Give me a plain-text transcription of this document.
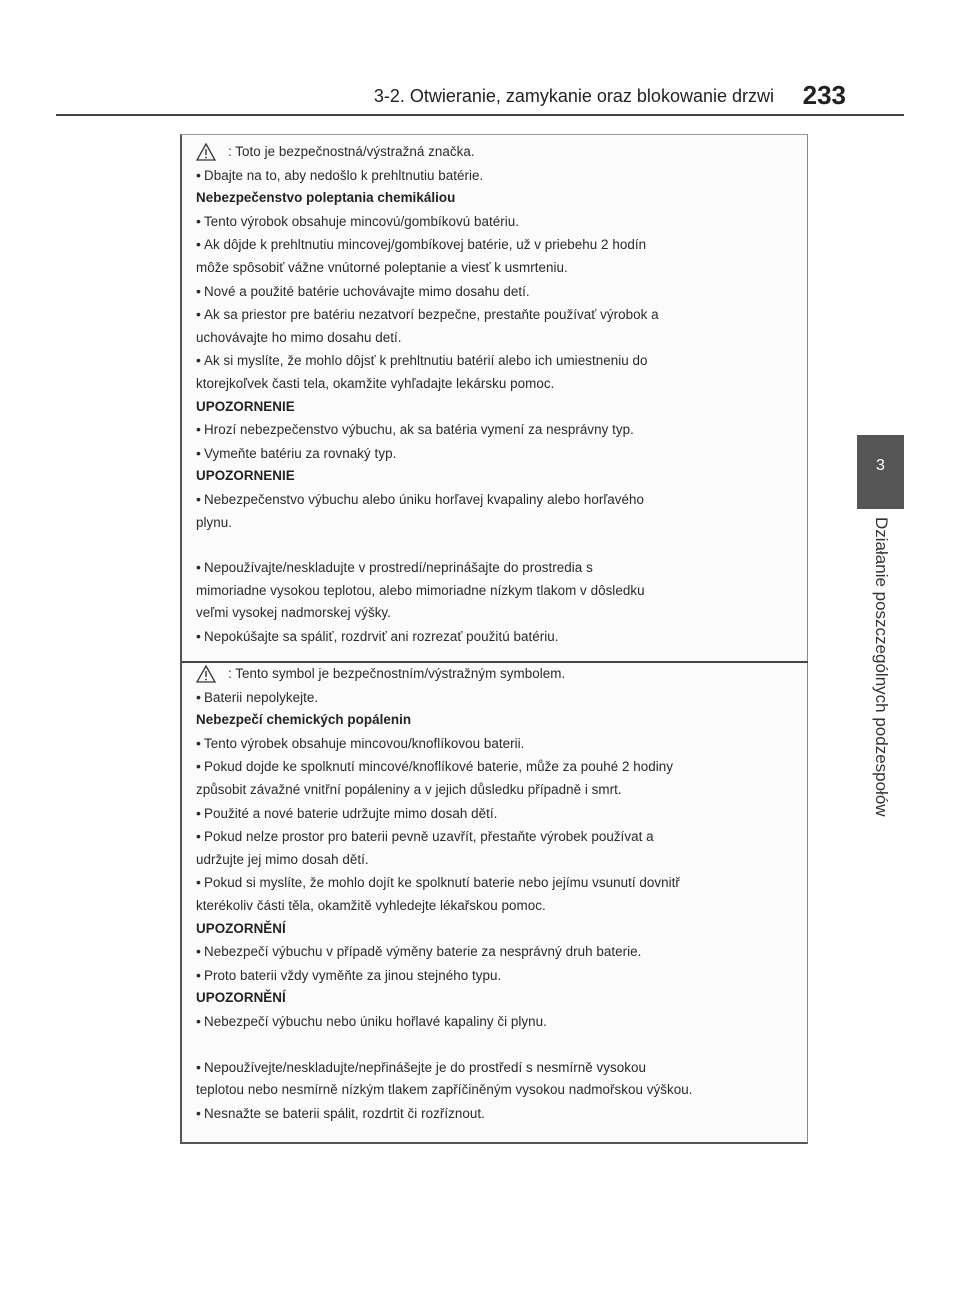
3-2. Otwieranie, zamykanie oraz blokowanie drzwi 233
3
Działanie poszczególnych podzespołów
: Toto je bezpečnostná/výstražná značka.
• Dbajte na to, aby nedošlo k prehltnutiu batérie.
Nebezpečenstvo poleptania chemikáliou
• Tento výrobok obsahuje mincovú/gombíkovú batériu.
• Ak dôjde k prehltnutiu mincovej/gombíkovej batérie, už v priebehu 2 hodín
môže spôsobiť vážne vnútorné poleptanie a viesť k usmrteniu.
• Nové a použité batérie uchovávajte mimo dosahu detí.
• Ak sa priestor pre batériu nezatvorí bezpečne, prestaňte používať výrobok a
uchovávajte ho mimo dosahu detí.
• Ak si myslíte, že mohlo dôjsť k prehltnutiu batérií alebo ich umiestneniu do
ktorejkoľvek časti tela, okamžite vyhľadajte lekársku pomoc.
UPOZORNENIE
• Hrozí nebezpečenstvo výbuchu, ak sa batéria vymení za nesprávny typ.
• Vymeňte batériu za rovnaký typ.
UPOZORNENIE
• Nebezpečenstvo výbuchu alebo úniku horľavej kvapaliny alebo horľavého
plynu.
• Nepoužívajte/neskladujte v prostredí/neprinášajte do prostredia s
mimoriadne vysokou teplotou, alebo mimoriadne nízkym tlakom v dôsledku
veľmi vysokej nadmorskej výšky.
• Nepokúšajte sa spáliť, rozdrviť ani rozrezať použitú batériu.
: Tento symbol je bezpečnostním/výstražným symbolem.
• Baterii nepolykejte.
Nebezpečí chemických popálenin
• Tento výrobek obsahuje mincovou/knoflíkovou baterii.
• Pokud dojde ke spolknutí mincové/knoflíkové baterie, může za pouhé 2 hodiny
způsobit závažné vnitřní popáleniny a v jejich důsledku případně i smrt.
• Použité a nové baterie udržujte mimo dosah dětí.
• Pokud nelze prostor pro baterii pevně uzavřít, přestaňte výrobek používat a
udržujte jej mimo dosah dětí.
• Pokud si myslíte, že mohlo dojít ke spolknutí baterie nebo jejímu vsunutí dovnitř
kterékoliv části těla, okamžitě vyhledejte lékařskou pomoc.
UPOZORNĚNÍ
• Nebezpečí výbuchu v případě výměny baterie za nesprávný druh baterie.
• Proto baterii vždy vyměňte za jinou stejného typu.
UPOZORNĚNÍ
• Nebezpečí výbuchu nebo úniku hořlavé kapaliny či plynu.
• Nepoužívejte/neskladujte/nepřinášejte je do prostředí s nesmírně vysokou
teplotou nebo nesmírně nízkým tlakem zapříčiněným vysokou nadmořskou výškou.
• Nesnažte se baterii spálit, rozdrtit či rozříznout.
